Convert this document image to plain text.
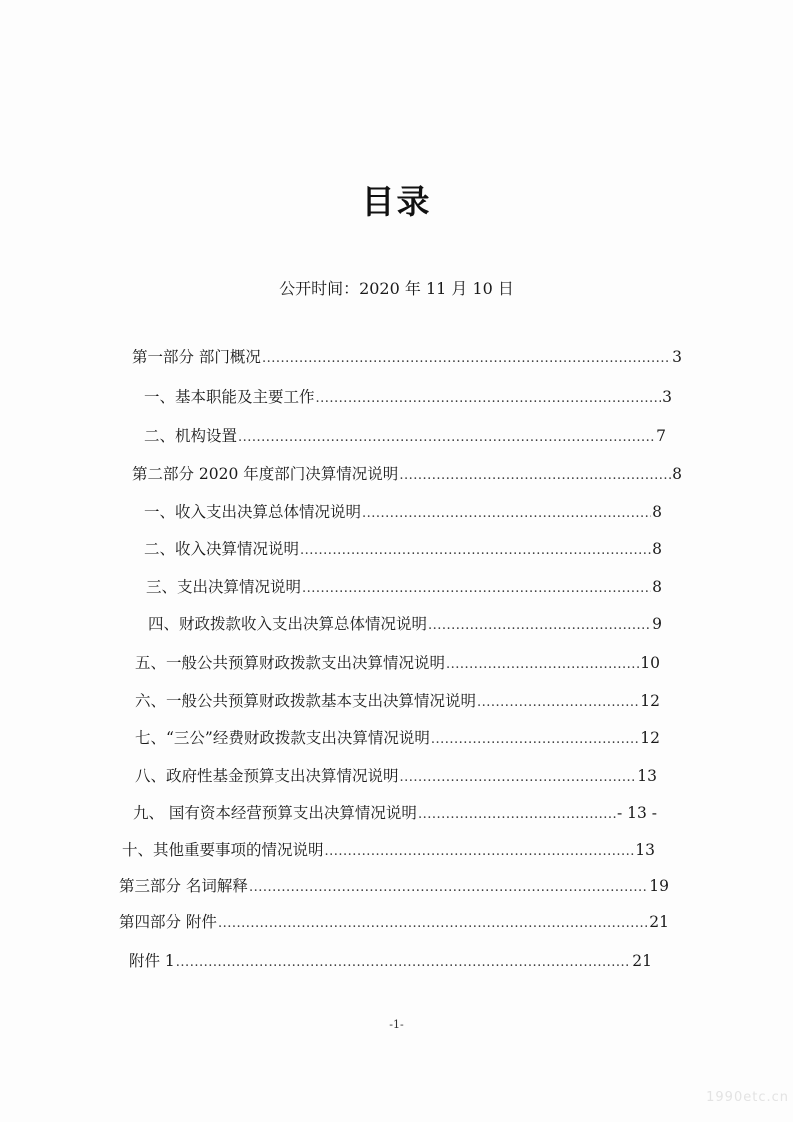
目录
公开时间：2020 年 11 月 10 日
第一部分 部门概况 .....	3
一、基本职能及主要工作 .....	3
二、机构设置 .....	7
第二部分 2020 年度部门决算情况说明 .....	8
一、收入支出决算总体情况说明 .....	8
二、收入决算情况说明 .....	8
三、支出决算情况说明 .....	8
四、财政拨款收入支出决算总体情况说明 .....	9
五、一般公共预算财政拨款支出决算情况说明 .....	10
六、一般公共预算财政拨款基本支出决算情况说明 .....	12
七、“三公”经费财政拨款支出决算情况说明 .....	12
八、政府性基金预算支出决算情况说明 .....	13
九、 国有资本经营预算支出决算情况说明 .....	- 13 -
十、其他重要事项的情况说明 .....	13
第三部分 名词解释 .....	19
第四部分 附件 .....	21
附件 1 .....	21
-1-
1990etc.cn
